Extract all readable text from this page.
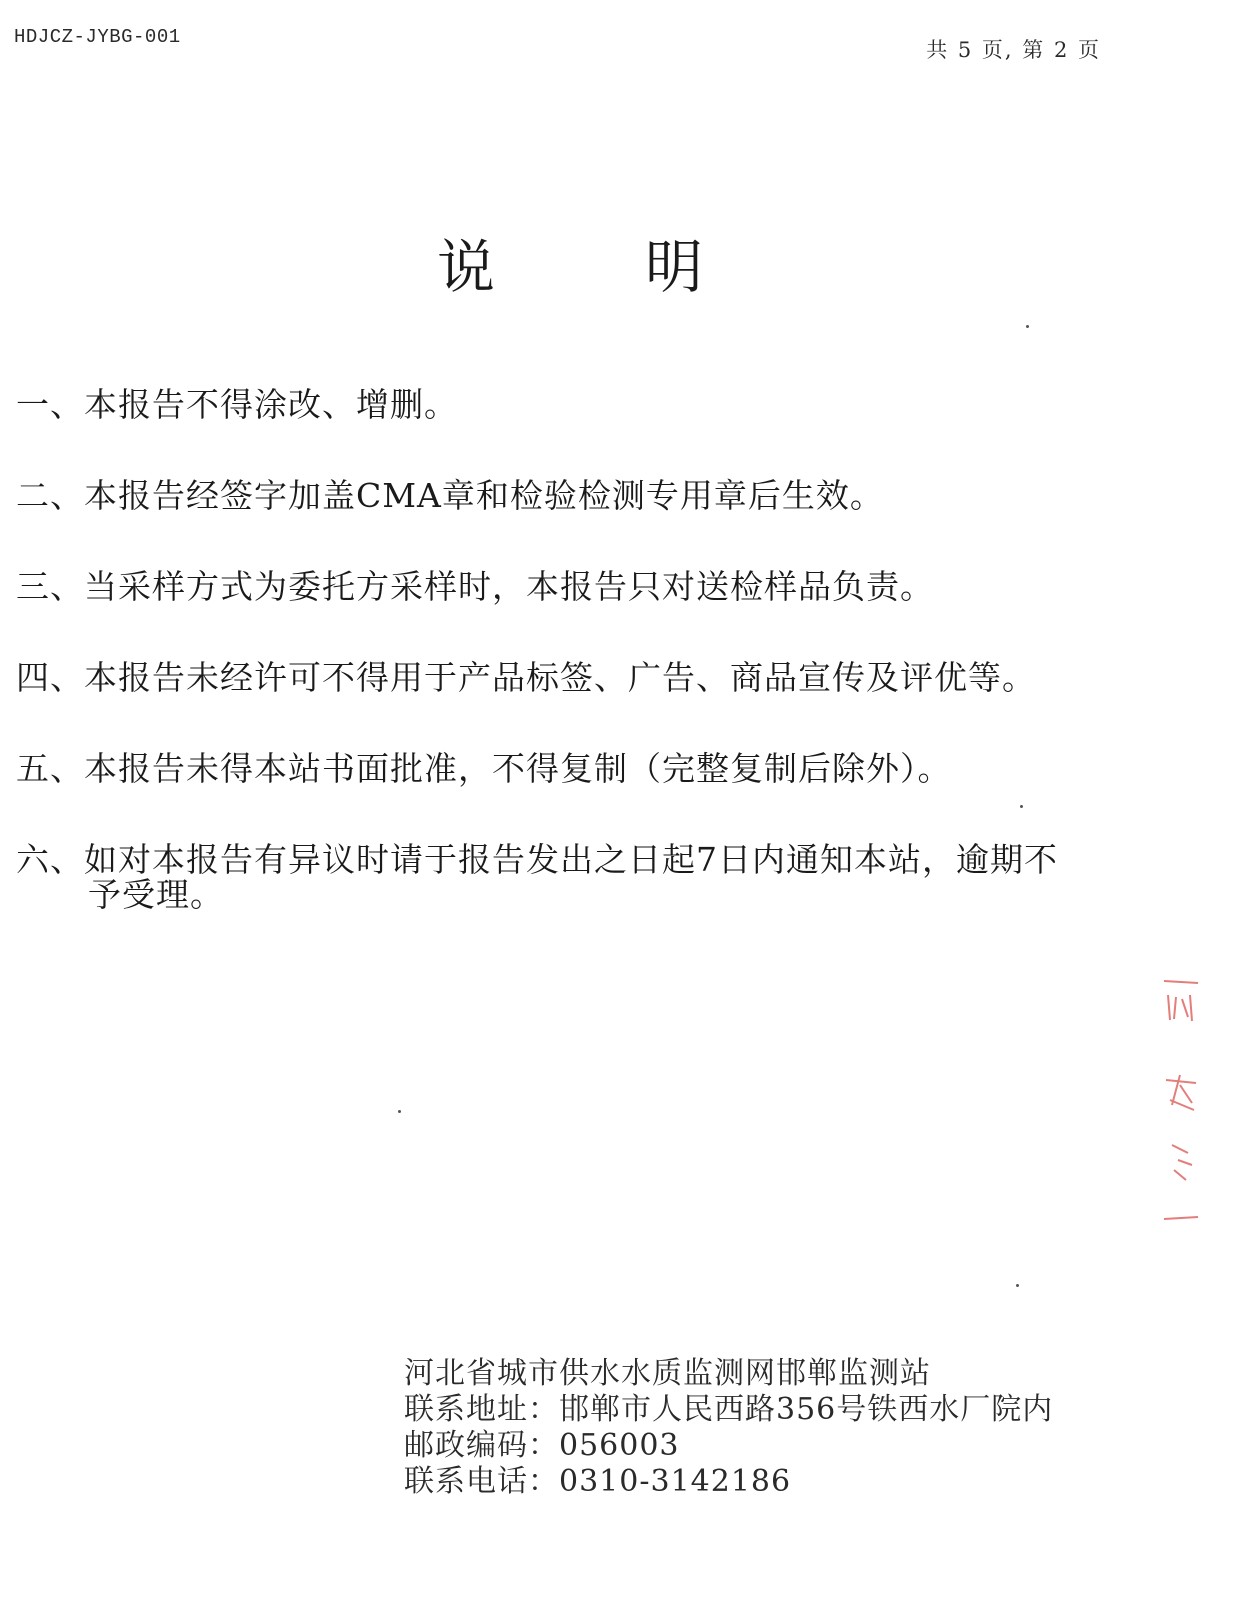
HDJCZ-JYBG-001
共 5 页, 第 2 页
说	明
一、本报告不得涂改、增删。
二、本报告经签字加盖CMA章和检验检测专用章后生效。
三、当采样方式为委托方采样时，本报告只对送检样品负责。
四、本报告未经许可不得用于产品标签、广告、商品宣传及评优等。
五、本报告未得本站书面批准，不得复制（完整复制后除外）。
六、如对本报告有异议时请于报告发出之日起7日内通知本站，逾期不
予受理。
河北省城市供水水质监测网邯郸监测站
联系地址：邯郸市人民西路356号铁西水厂院内
邮政编码：056003
联系电话：0310-3142186
